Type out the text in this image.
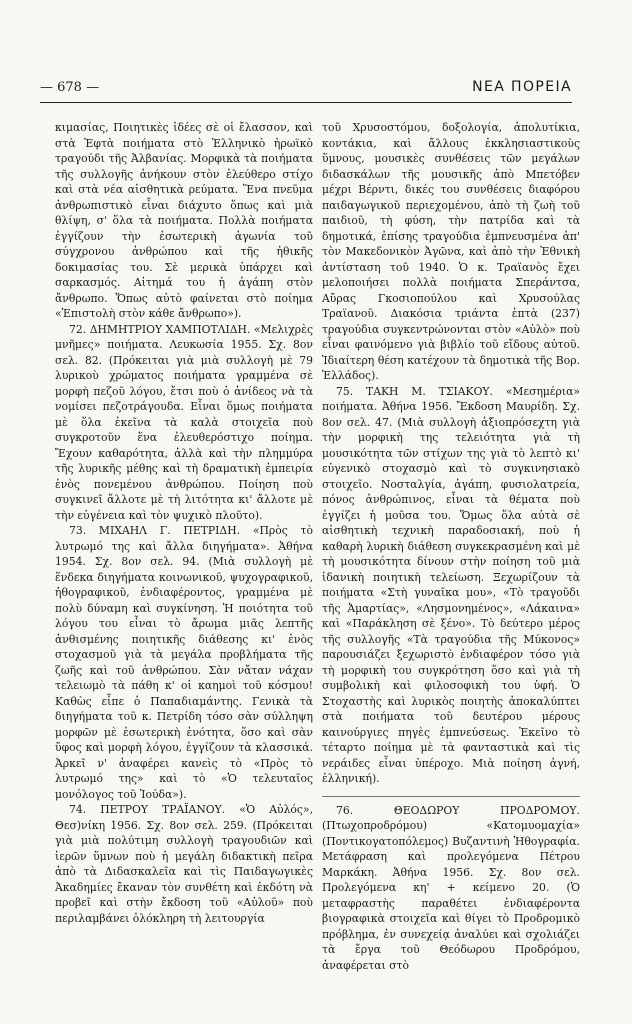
— 678 —	ΝΕΑ ΠΟΡΕΙΑ

κιμασίας, Ποιητικὲς ἰδέες σὲ οἱ ἔλασσον, καὶ στὰ Ἑφτὰ ποιήματα στὸ Ἑλληνικὸ ἡρωϊκὸ τραγούδι τῆς Ἀλβανίας. Μορφικὰ τὰ ποιήματα τῆς συλλογῆς ἀνήκουν στὸν ἐλεύθερο στίχο καὶ στὰ νέα αἰσθητικὰ ρεύματα. Ἕνα πνεῦμα ἀνθρωπιστικὸ εἶναι διάχυτο ὅπως καὶ μιὰ θλίψη, σ' ὅλα τὰ ποιήματα. Πολλὰ ποιήματα ἐγγίζουν τὴν ἐσωτερικὴ ἀγωνία τοῦ σύγχρονου ἀνθρώπου καὶ τῆς ἠθικῆς δοκιμασίας του. Σὲ μερικὰ ὑπάρχει καὶ σαρκασμός. Αἰτημά του ἡ ἀγάπη στὸν ἄνθρωπο. Ὅπως αὐτὸ φαίνεται στὸ ποίημα «Ἐπιστολὴ στὸν κάθε ἄνθρωπο»).

72. ΔΗΜΗΤΡΙΟΥ ΧΑΜΠΟΤΛΙΔΗ. «Μελιχρὲς μνῆμες» ποιήματα. Λευκωσία 1955. Σχ. 8ον σελ. 82. (Πρόκειται γιὰ μιὰ συλλογὴ μὲ 79 λυρικοὺ χρώματος ποιήματα γραμμένα σὲ μορφὴ πεζοῦ λόγου, ἔτσι ποὺ ὁ ἀνίδεος νὰ τὰ νομίσει πεζοτράγουδα. Εἶναι ὅμως ποιήματα μὲ ὅλα ἐκεῖνα τὰ καλὰ στοιχεῖα ποὺ συγκροτοῦν ἕνα ἐλευθερόστιχο ποίημα. Ἔχουν καθαρότητα, ἀλλὰ καὶ τὴν πλημμύρα τῆς λυρικῆς μέθης καὶ τὴ δραματικὴ ἐμπειρία ἑνὸς πονεμένου ἀνθρώπου. Ποίηση ποὺ συγκινεῖ ἄλλοτε μὲ τὴ λιτότητα κι' ἄλλοτε μὲ τὴν εὐγένεια καὶ τὸν ψυχικὸ πλοῦτο).

73. ΜΙΧΑΗΛ Γ. ΠΕΤΡΙΔΗ. «Πρὸς τὸ λυτρωμό της καὶ ἄλλα διηγήματα». Ἀθήνα 1954. Σχ. 8ον σελ. 94. (Μιὰ συλλογὴ μὲ ἕνδεκα διηγήματα κοινωνικοῦ, ψυχογραφικοῦ, ἠθογραφικοῦ, ἐνδιαφέροντος, γραμμένα μὲ πολὺ δύναμη καὶ συγκίνηση. Ἡ ποιότητα τοῦ λόγου του εἶναι τὸ ἄρωμα μιᾶς λεπτῆς ἀνθισμένης ποιητικῆς διάθεσης κι' ἑνὸς στοχασμοῦ γιὰ τὰ μεγάλα προβλήματα τῆς ζωῆς καὶ τοῦ ἀνθρώπου. Σὰν νἄταν νάχαν τελειωμὸ τὰ πάθη κ' οἱ καημοὶ τοῦ κόσμου! Καθὼς εἶπε ὁ Παπαδιαμάντης. Γενικὰ τὰ διηγήματα τοῦ κ. Πετρίδη τόσο σὰν σύλληψη μορφῶν μὲ ἐσωτερικὴ ἑνότητα, ὅσο καὶ σὰν ὕφος καὶ μορφὴ λόγου, ἐγγίζουν τὰ κλασσικά. Ἀρκεῖ ν' ἀναφέρει κανεὶς τὸ «Πρὸς τὸ λυτρωμό της» καὶ τὸ «Ὁ τελευταῖος μονόλογος τοῦ Ἰούδα»).

74. ΠΕΤΡΟΥ ΤΡΑΪΑΝΟΥ. «Ὁ Αὐλός», Θεσ)νίκη 1956. Σχ. 8ον σελ. 259. (Πρόκειται γιὰ μιὰ πολύτιμη συλλογὴ τραγουδιῶν καὶ ἱερῶν ὕμνων ποὺ ἡ μεγάλη διδακτικὴ πεῖρα ἀπὸ τὰ Διδασκαλεῖα καὶ τὶς Παιδαγωγικὲς Ἀκαδημίες ἔκαναν τὸν συνθέτη καὶ ἐκδότη νὰ προβεῖ καὶ στὴν ἔκδοση τοῦ «Αὐλοῦ» ποὺ περιλαμβάνει ὁλόκληρη τὴ λειτουργία

τοῦ Χρυσοστόμου, δοξολογία, ἀπολυτίκια, κοντάκια, καὶ ἄλλους ἐκκλησιαστικοὺς ὕμνους, μουσικὲς συνθέσεις τῶν μεγάλων διδασκάλων τῆς μουσικῆς ἀπὸ Μπετόβεν μέχρι Βέρντι, δικές του συνθέσεις διαφόρου παιδαγωγικοῦ περιεχομένου, ἀπὸ τὴ ζωὴ τοῦ παιδιοῦ, τὴ φύση, τὴν πατρίδα καὶ τὰ δημοτικά, ἐπίσης τραγούδια ἐμπνευσμένα ἀπ' τὸν Μακεδονικὸν Ἀγῶνα, καὶ ἀπὸ τὴν Ἐθνικὴ ἀντίσταση τοῦ 1940. Ὁ κ. Τραϊανὸς ἔχει μελοποιήσει πολλὰ ποιήματα Σπεράντσα, Αὔρας Γκοσιοπούλου καὶ Χρυσούλας Τραϊανοῦ. Διακόσια τριάντα ἑπτὰ (237) τραγούδια συγκεντρώνονται στὸν «Αὐλὸ» ποὺ εἶναι φαινόμενο γιὰ βιβλίο τοῦ εἴδους αὐτοῦ. Ἰδιαίτερη θέση κατέχουν τὰ δημοτικὰ τῆς Βορ. Ἑλλάδος).

75. ΤΑΚΗ Μ. ΤΣΙΑΚΟΥ. «Μεσημέρια» ποιήματα. Ἀθήνα 1956. Ἔκδοση Μαυρίδη. Σχ. 8ον σελ. 47. (Μιὰ συλλογὴ ἀξιοπρόσεχτη γιὰ τὴν μορφικὴ της τελειότητα γιὰ τὴ μουσικότητα τῶν στίχων της γιὰ τὸ λεπτὸ κι' εὐγενικὸ στοχασμὸ καὶ τὸ συγκινησιακὸ στοιχεῖο. Νοσταλγία, ἀγάπη, φυσιολατρεία, πόνος ἀνθρώπινος, εἶναι τὰ θέματα ποὺ ἐγγίζει ἡ μοῦσα του. Ὅμως ὅλα αὐτὰ σὲ αἰσθητικὴ τεχνικὴ παραδοσιακή, ποὺ ἡ καθαρὴ λυρικὴ διάθεση συγκεκρασμένη καὶ μὲ τὴ μουσικότητα δίνουν στὴν ποίηση τοῦ μιὰ ἰδανικὴ ποιητικὴ τελείωση. Ξεχωρίζουν τὰ ποιήματα «Στὴ γυναῖκα μου», «Τὸ τραγοῦδι τῆς Ἀμαρτίας», «Λησμονημένος», «Λάκαινα» καὶ «Παράκληση σὲ ξένο». Τὸ δεύτερο μέρος τῆς συλλογῆς «Τὰ τραγούδια τῆς Μύκονος» παρουσιάζει ξεχωριστὸ ἐνδιαφέρον τόσο γιὰ τὴ μορφικὴ του συγκρότηση ὅσο καὶ γιὰ τὴ συμβολικὴ καὶ φιλοσοφικὴ του ὑφή. Ὁ Στοχαστὴς καὶ λυρικὸς ποιητὴς ἀποκαλύπτει στὰ ποιήματα τοῦ δευτέρου μέρους καινούργιες πηγὲς ἐμπνεύσεως. Ἐκεῖνο τὸ τέταρτο ποίημα μὲ τὰ φανταστικὰ καὶ τὶς νεράιδες εἶναι ὑπέροχο. Μιὰ ποίηση ἀγνή, ἑλληνική).

76. ΘΕΟΔΩΡΟΥ ΠΡΟΔΡΟΜΟΥ. (Πτωχοπροδρόμου) «Κατομυομαχία» (Ποντικογατοπόλεμος) Βυζαντινὴ Ἠθογραφία. Μετάφραση καὶ προλεγόμενα Πέτρου Μαρκάκη. Ἀθήνα 1956. Σχ. 8ον σελ. Προλεγόμενα κη' + κείμενο 20. (Ὁ μεταφραστὴς παραθέτει ἐνδιαφέροντα βιογραφικὰ στοιχεῖα καὶ θίγει τὸ Προδρομικὸ πρόβλημα, ἐν συνεχείᾳ ἀναλύει καὶ σχολιάζει τὰ ἔργα τοῦ Θεόδωρου Προδρόμου, ἀναφέρεται στὸ
